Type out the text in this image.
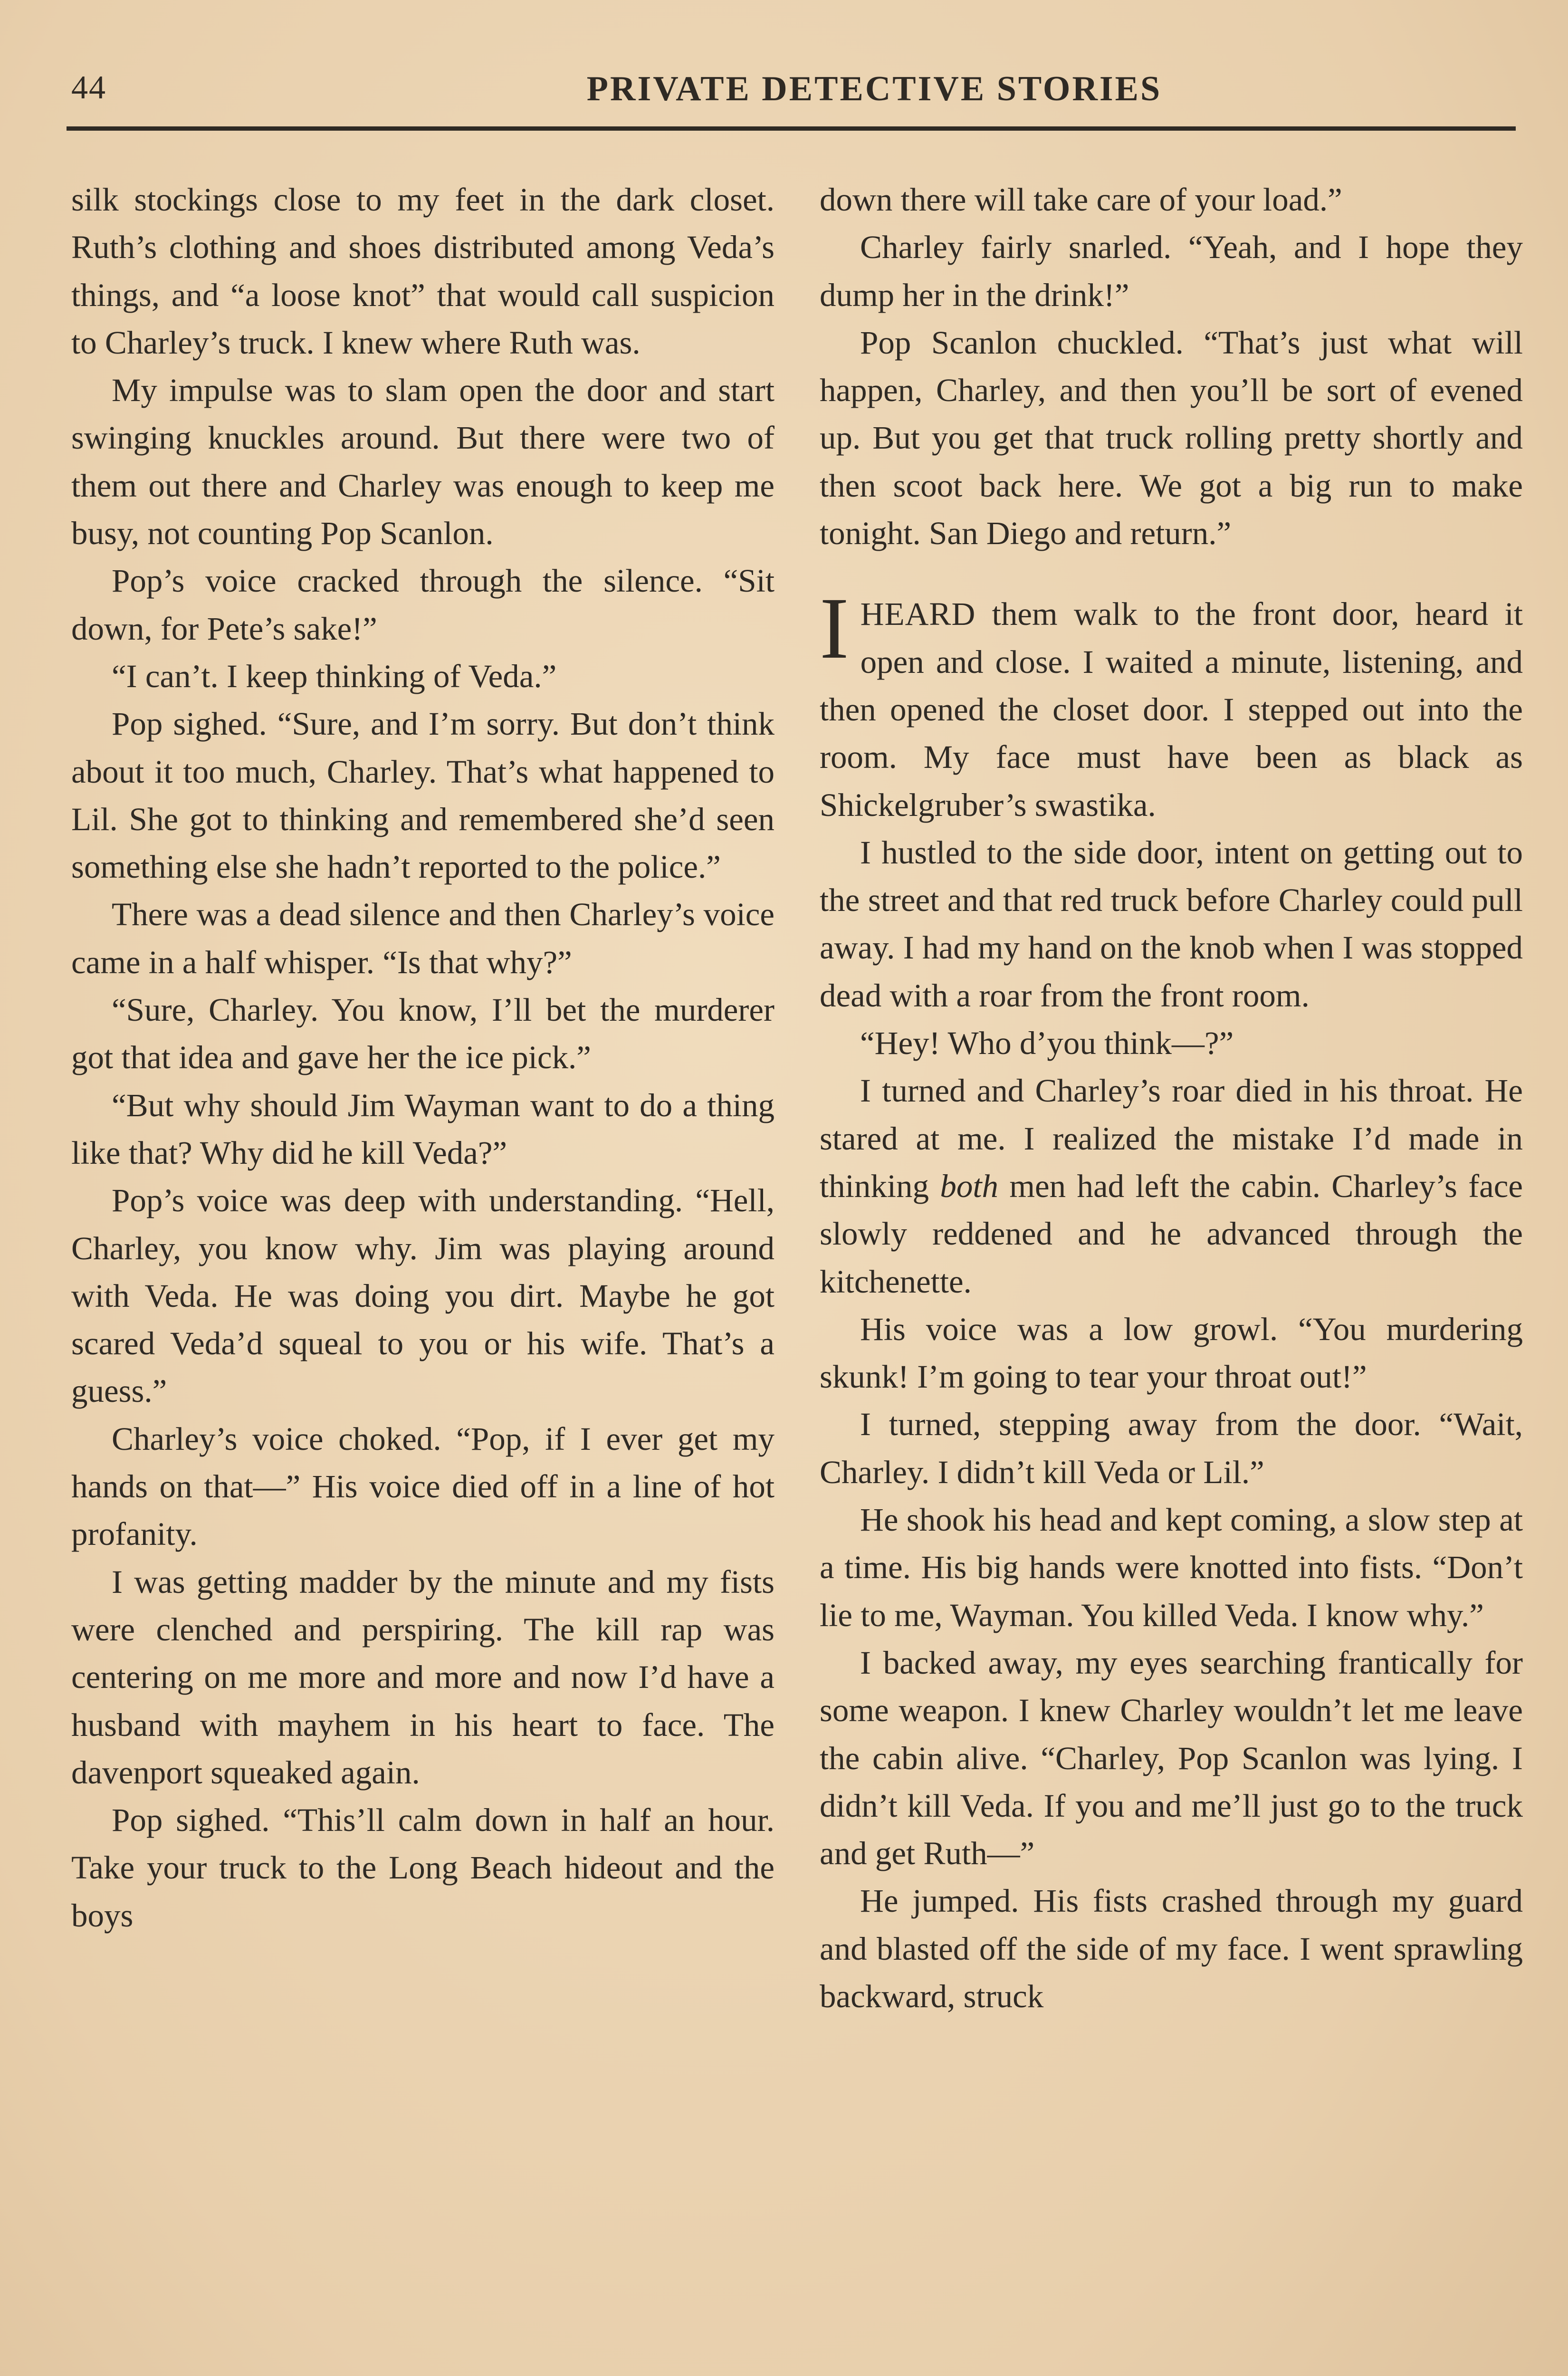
44	PRIVATE DETECTIVE STORIES

silk stockings close to my feet in the dark closet. Ruth’s clothing and shoes distributed among Veda’s things, and “a loose knot” that would call suspicion to Charley’s truck. I knew where Ruth was.

My impulse was to slam open the door and start swinging knuckles around. But there were two of them out there and Charley was enough to keep me busy, not counting Pop Scanlon.

Pop’s voice cracked through the silence. “Sit down, for Pete’s sake!”

“I can’t. I keep thinking of Veda.”

Pop sighed. “Sure, and I’m sorry. But don’t think about it too much, Charley. That’s what happened to Lil. She got to thinking and remembered she’d seen something else she hadn’t reported to the police.”

There was a dead silence and then Charley’s voice came in a half whisper. “Is that why?”

“Sure, Charley. You know, I’ll bet the murderer got that idea and gave her the ice pick.”

“But why should Jim Wayman want to do a thing like that? Why did he kill Veda?”

Pop’s voice was deep with understanding. “Hell, Charley, you know why. Jim was playing around with Veda. He was doing you dirt. Maybe he got scared Veda’d squeal to you or his wife. That’s a guess.”

Charley’s voice choked. “Pop, if I ever get my hands on that—” His voice died off in a line of hot profanity.

I was getting madder by the minute and my fists were clenched and perspiring. The kill rap was centering on me more and more and now I’d have a husband with mayhem in his heart to face. The davenport squeaked again.

Pop sighed. “This’ll calm down in half an hour. Take your truck to the Long Beach hideout and the boys

down there will take care of your load.”

Charley fairly snarled. “Yeah, and I hope they dump her in the drink!”

Pop Scanlon chuckled. “That’s just what will happen, Charley, and then you’ll be sort of evened up. But you get that truck rolling pretty shortly and then scoot back here. We got a big run to make tonight. San Diego and return.”

IHEARD them walk to the front door, heard it open and close. I waited a minute, listening, and then opened the closet door. I stepped out into the room. My face must have been as black as Shickelgruber’s swastika.

I hustled to the side door, intent on getting out to the street and that red truck before Charley could pull away. I had my hand on the knob when I was stopped dead with a roar from the front room.

“Hey! Who d’you think—?”

I turned and Charley’s roar died in his throat. He stared at me. I realized the mistake I’d made in thinking both men had left the cabin. Charley’s face slowly reddened and he advanced through the kitchenette.

His voice was a low growl. “You murdering skunk! I’m going to tear your throat out!”

I turned, stepping away from the door. “Wait, Charley. I didn’t kill Veda or Lil.”

He shook his head and kept coming, a slow step at a time. His big hands were knotted into fists. “Don’t lie to me, Wayman. You killed Veda. I know why.”

I backed away, my eyes searching frantically for some weapon. I knew Charley wouldn’t let me leave the cabin alive. “Charley, Pop Scanlon was lying. I didn’t kill Veda. If you and me’ll just go to the truck and get Ruth—”

He jumped. His fists crashed through my guard and blasted off the side of my face. I went sprawling backward, struck
